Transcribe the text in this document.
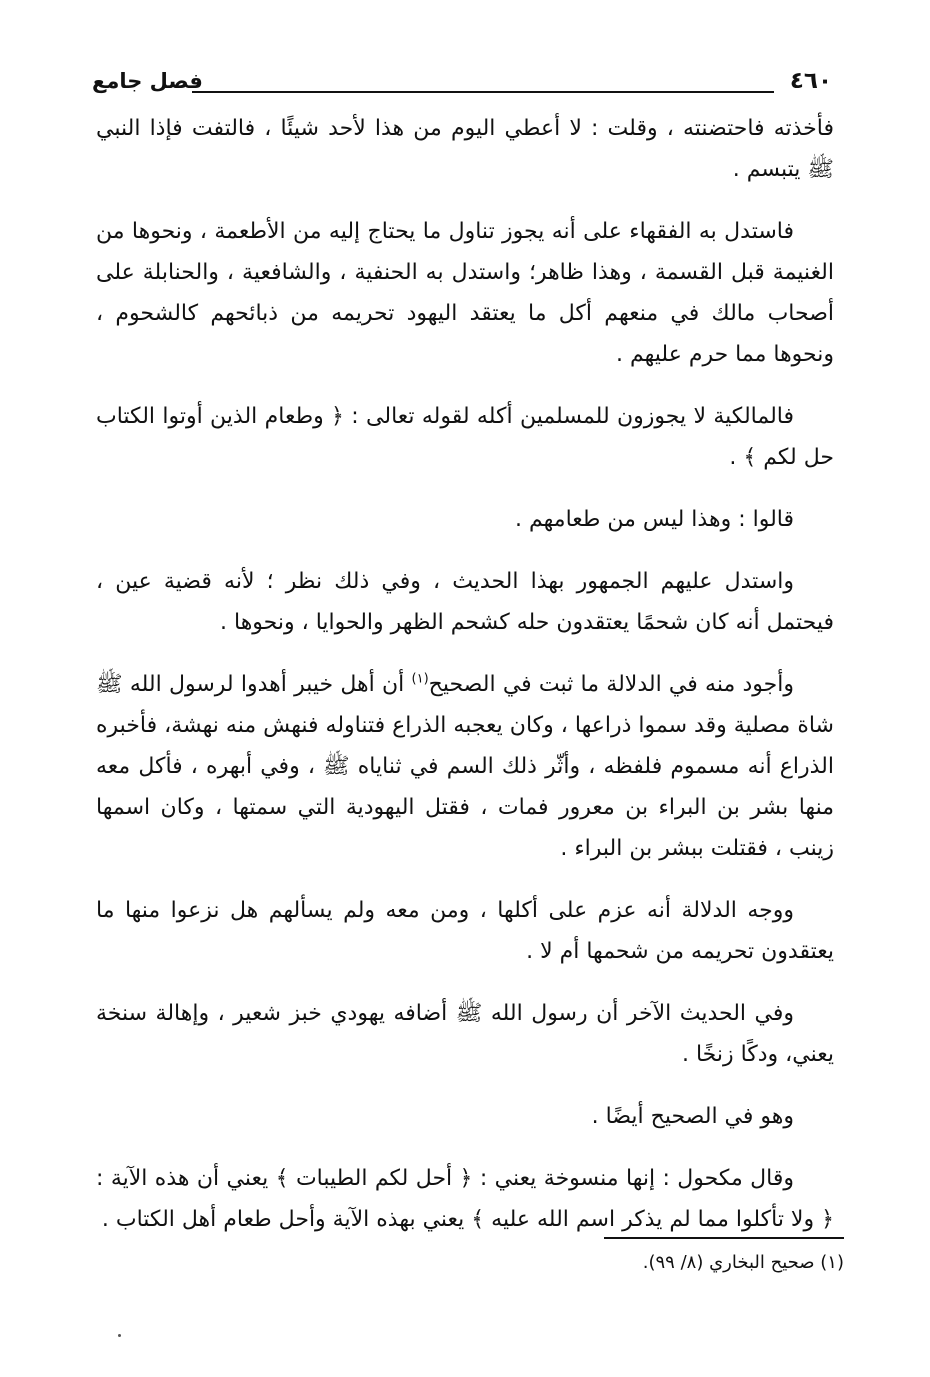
٤٦٠
فصل جامع

فأخذته فاحتضنته ، وقلت : لا أعطي اليوم من هذا لأحد شيئًا ، فالتفت فإذا النبي ﷺ يتبسم .

فاستدل به الفقهاء على أنه يجوز تناول ما يحتاج إليه من الأطعمة ، ونحوها من الغنيمة قبل القسمة ، وهذا ظاهر؛ واستدل به الحنفية ، والشافعية ، والحنابلة على أصحاب مالك في منعهم أكل ما يعتقد اليهود تحريمه من ذبائحهم كالشحوم ، ونحوها مما حرم عليهم .

فالمالكية لا يجوزون للمسلمين أكله لقوله تعالى : ﴿ وطعام الذين أوتوا الكتاب حل لكم ﴾ .

قالوا : وهذا ليس من طعامهم .

واستدل عليهم الجمهور بهذا الحديث ، وفي ذلك نظر ؛ لأنه قضية عين ، فيحتمل أنه كان شحمًا يعتقدون حله كشحم الظهر والحوايا ، ونحوها .

وأجود منه في الدلالة ما ثبت في الصحيح$^{(١)}$ أن أهل خيبر أهدوا لرسول الله ﷺ شاة مصلية وقد سموا ذراعها ، وكان يعجبه الذراع فتناوله فنهش منه نهشة، فأخبره الذراع أنه مسموم فلفظه ، وأثّر ذلك السم في ثناياه ﷺ ، وفي أبهره ، فأكل معه منها بشر بن البراء بن معرور فمات ، فقتل اليهودية التي سمتها ، وكان اسمها زينب ، فقتلت ببشر بن البراء .

ووجه الدلالة أنه عزم على أكلها ، ومن معه ولم يسألهم هل نزعوا منها ما يعتقدون تحريمه من شحمها أم لا .

وفي الحديث الآخر أن رسول الله ﷺ أضافه يهودي خبز شعير ، وإهالة سنخة يعني، ودكًا زنخًا .

وهو في الصحيح أيضًا .

وقال مكحول : إنها منسوخة يعني : ﴿ أحل لكم الطيبات ﴾ يعني أن هذه الآية : ﴿ ولا تأكلوا مما لم يذكر اسم الله عليه ﴾ يعني بهذه الآية وأحل طعام أهل الكتاب .

(١) صحيح البخاري (٨/ ٩٩).
